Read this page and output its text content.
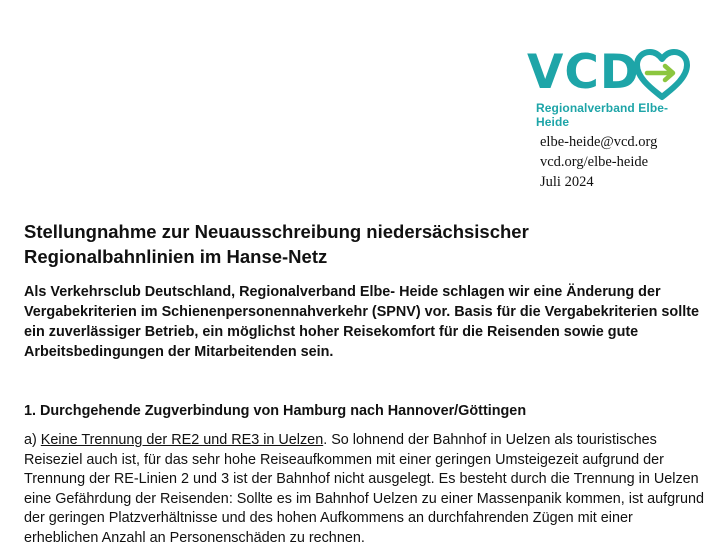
VCD
Regionalverband Elbe-Heide
elbe-heide@vcd.org
vcd.org/elbe-heide
Juli 2024
Stellungnahme zur Neuausschreibung niedersächsischer Regionalbahnlinien im Hanse-Netz

Als Verkehrsclub Deutschland, Regionalverband Elbe- Heide schlagen wir eine Änderung der Vergabekriterien im Schienenpersonennahverkehr (SPNV) vor. Basis für die Vergabekriterien sollte ein zuverlässiger Betrieb, ein möglichst hoher Reisekomfort für die Reisenden sowie gute Arbeitsbedingungen der Mitarbeitenden sein.

1. Durchgehende Zugverbindung von Hamburg nach Hannover/Göttingen

a) Keine Trennung der RE2 und RE3 in Uelzen. So lohnend der Bahnhof in Uelzen als touristisches Reiseziel auch ist, für das sehr hohe Reiseaufkommen mit einer geringen Umsteigezeit aufgrund der Trennung der RE-Linien 2 und 3 ist der Bahnhof nicht ausgelegt. Es besteht durch die Trennung in Uelzen eine Gefährdung der Reisenden: Sollte es im Bahnhof Uelzen zu einer Massenpanik kommen, ist aufgrund der geringen Platzverhältnisse und des hohen Aufkommens an durchfahrenden Zügen mit einer erheblichen Anzahl an Personenschäden zu rechnen.
